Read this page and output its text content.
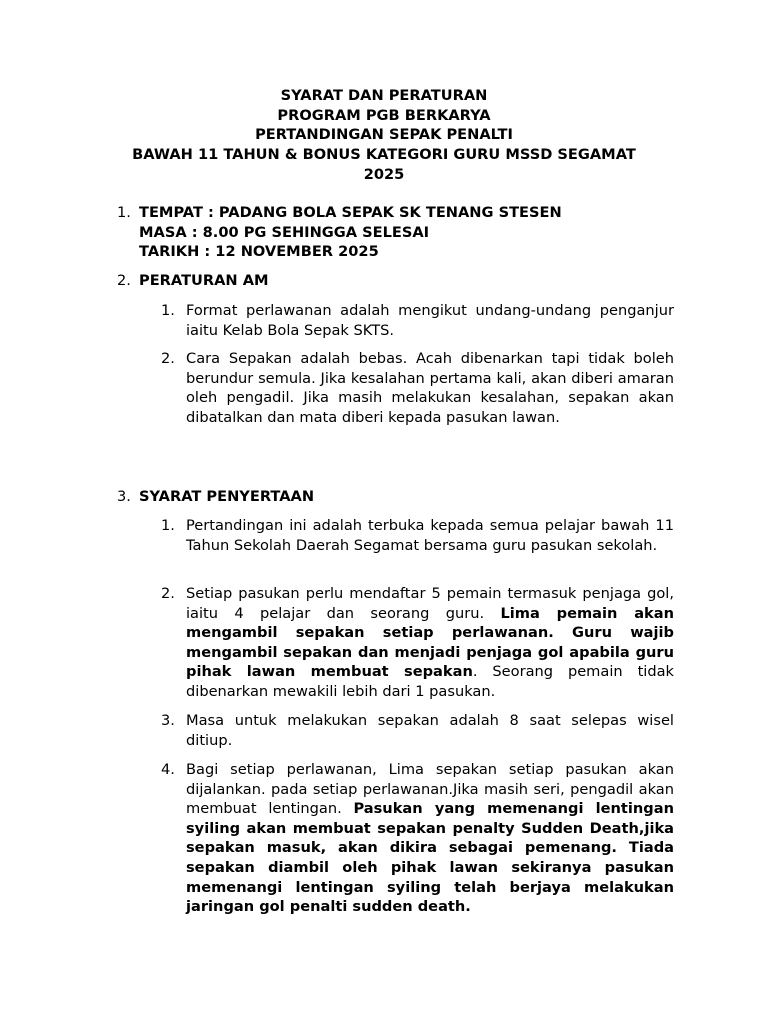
SYARAT DAN PERATURAN
PROGRAM PGB BERKARYA
PERTANDINGAN SEPAK PENALTI
BAWAH 11 TAHUN & BONUS KATEGORI GURU MSSD SEGAMAT
2025
1. TEMPAT : PADANG BOLA SEPAK SK TENANG STESEN
MASA : 8.00 PG SEHINGGA SELESAI
TARIKH : 12 NOVEMBER 2025
2. PERATURAN AM
1. Format perlawanan adalah mengikut undang-undang penganjur iaitu Kelab Bola Sepak SKTS.
2. Cara Sepakan adalah bebas. Acah dibenarkan tapi tidak boleh berundur semula. Jika kesalahan pertama kali, akan diberi amaran oleh pengadil. Jika masih melakukan kesalahan, sepakan akan dibatalkan dan mata diberi kepada pasukan lawan.
3. SYARAT PENYERTAAN
1. Pertandingan ini adalah terbuka kepada semua pelajar bawah 11 Tahun Sekolah Daerah Segamat bersama guru pasukan sekolah.
2. Setiap pasukan perlu mendaftar 5 pemain termasuk penjaga gol, iaitu 4 pelajar dan seorang guru. Lima pemain akan mengambil sepakan setiap perlawanan. Guru wajib mengambil sepakan dan menjadi penjaga gol apabila guru pihak lawan membuat sepakan. Seorang pemain tidak dibenarkan mewakili lebih dari 1 pasukan.
3. Masa untuk melakukan sepakan adalah 8 saat selepas wisel ditiup.
4. Bagi setiap perlawanan, Lima sepakan setiap pasukan akan dijalankan. pada setiap perlawanan.Jika masih seri, pengadil akan membuat lentingan. Pasukan yang memenangi lentingan syiling akan membuat sepakan penalty Sudden Death,jika sepakan masuk, akan dikira sebagai pemenang. Tiada sepakan diambil oleh pihak lawan sekiranya pasukan memenangi lentingan syiling telah berjaya melakukan jaringan gol penalti sudden death.
